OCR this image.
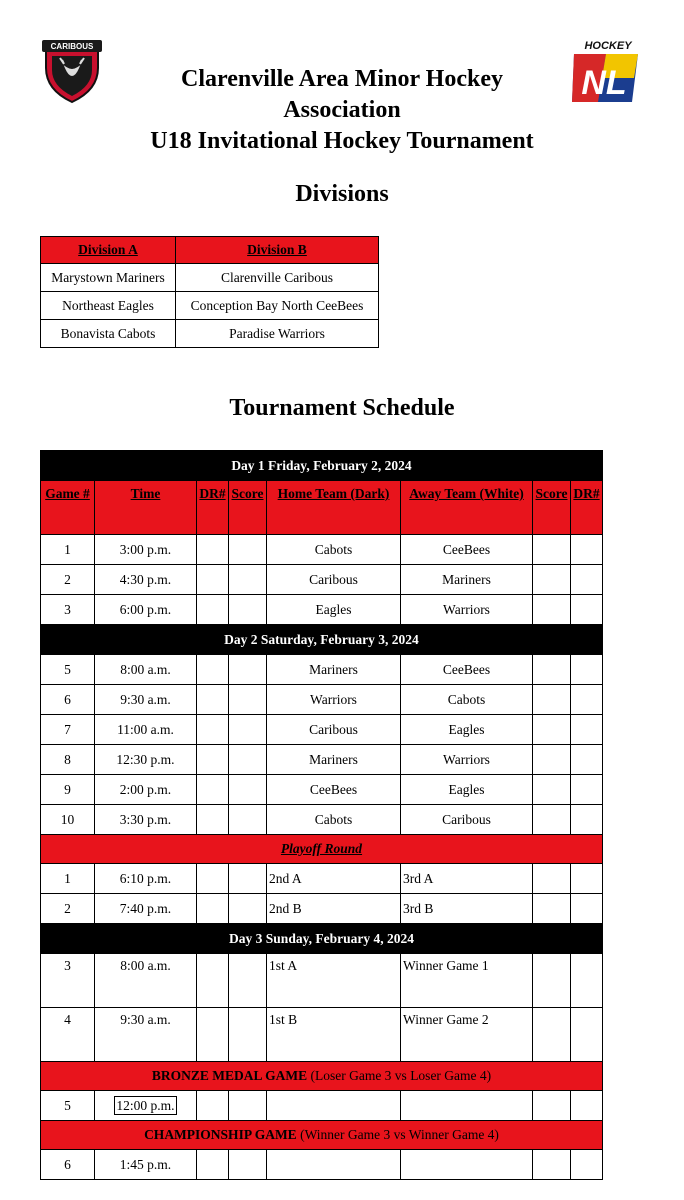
CARIBOUS	HOCKEY
NL
Clarenville Area Minor Hockey
Association
U18 Invitational Hockey Tournament
Divisions
Division A	Division B
Marystown Mariners	Clarenville Caribous
Northeast Eagles	Conception Bay North CeeBees
Bonavista Cabots	Paradise Warriors
Tournament Schedule
Day 1 Friday, February 2, 2024							
Game #	Time	DR#	Score	Home Team (Dark)	Away Team (White)	Score	DR#
1	3:00 p.m.			Cabots	CeeBees		
2	4:30 p.m.			Caribous	Mariners		
3	6:00 p.m.			Eagles	Warriors		
Day 2 Saturday, February 3, 2024							
5	8:00 a.m.			Mariners	CeeBees		
6	9:30 a.m.			Warriors	Cabots		
7	11:00 a.m.			Caribous	Eagles		
8	12:30 p.m.			Mariners	Warriors		
9	2:00 p.m.			CeeBees	Eagles		
10	3:30 p.m.			Cabots	Caribous		
Playoff Round							
1	6:10 p.m.			2nd A	3rd A		
2	7:40 p.m.			2nd B	3rd B		
Day 3 Sunday, February 4, 2024							
3	8:00 a.m.			1st A	Winner Game 1		
4	9:30 a.m.			1st B	Winner Game 2		
BRONZE MEDAL GAME (Loser Game 3 vs Loser Game 4)							
5	12:00 p.m.						
CHAMPIONSHIP GAME (Winner Game 3 vs Winner Game 4)							
6	1:45 p.m.						
